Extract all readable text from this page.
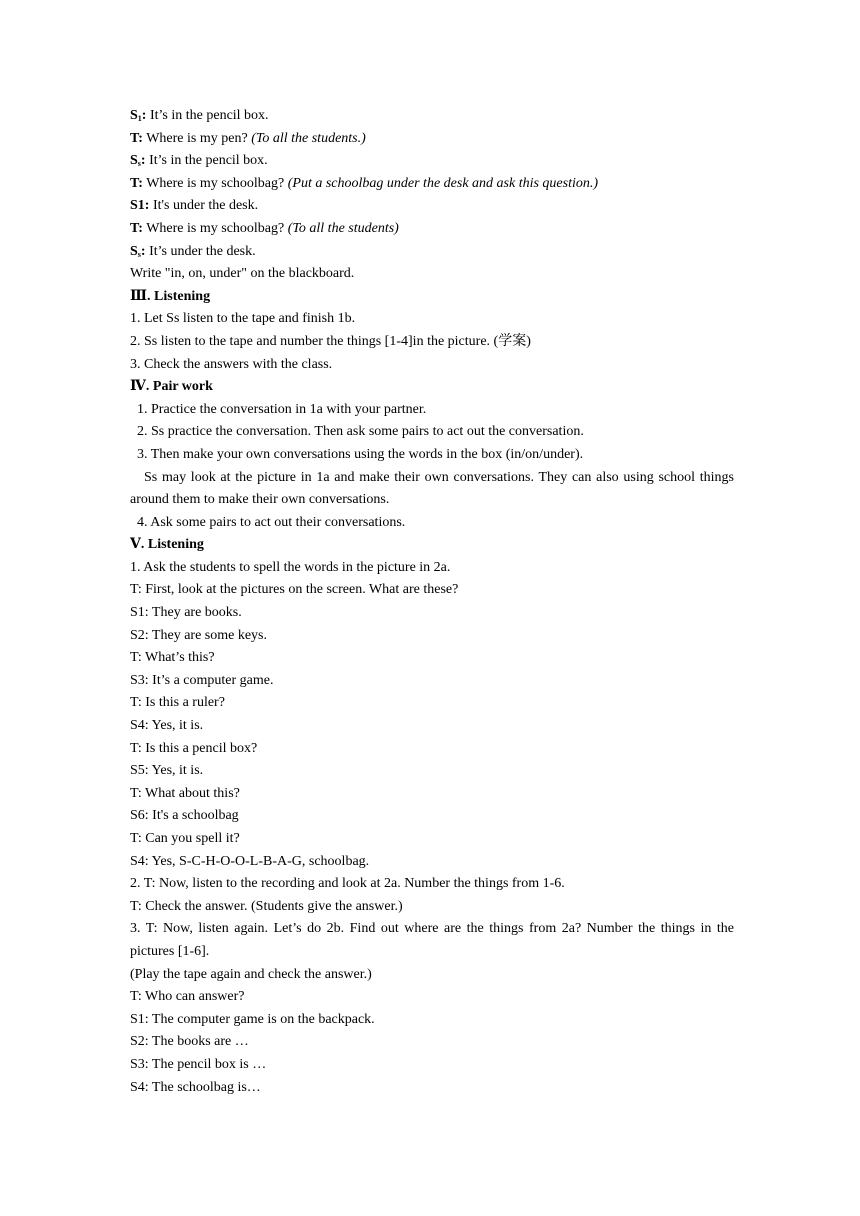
$S_1$: It’s in the pencil box.

T: Where is my pen? (To all the students.)

$S_s$: It’s in the pencil box.

T: Where is my schoolbag? (Put a schoolbag under the desk and ask this question.)

S1: It's under the desk.

T: Where is my schoolbag? (To all the students)

$S_s$: It’s under the desk.

Write "in, on, under" on the blackboard.

Ⅲ. Listening

1. Let Ss listen to the tape and finish 1b.

2. Ss listen to the tape and number the things [1-4]in the picture. (学案)

3. Check the answers with the class.

Ⅳ. Pair work

1. Practice the conversation in 1a with your partner.

2. Ss practice the conversation. Then ask some pairs to act out the conversation.

3. Then make your own conversations using the words in the box (in/on/under).

Ss may look at the picture in 1a and make their own conversations. They can also using school things around them to make their own conversations.

4. Ask some pairs to act out their conversations.

Ⅴ. Listening

1. Ask the students to spell the words in the picture in 2a.

T: First, look at the pictures on the screen. What are these?

S1: They are books.

S2: They are some keys.

T: What’s this?

S3: It’s a computer game.

T: Is this a ruler?

S4: Yes, it is.

T: Is this a pencil box?

S5: Yes, it is.

T: What about this?

S6: It's a schoolbag

T: Can you spell it?

S4: Yes, S-C-H-O-O-L-B-A-G, schoolbag.

2. T: Now, listen to the recording and look at 2a. Number the things from 1-6.

T: Check the answer. (Students give the answer.)

3. T: Now, listen again. Let’s do 2b. Find out where are the things from 2a? Number the things in the pictures [1-6].

(Play the tape again and check the answer.)

T: Who can answer?

S1: The computer game is on the backpack.

S2: The books are …

S3: The pencil box is …

S4: The schoolbag is…
